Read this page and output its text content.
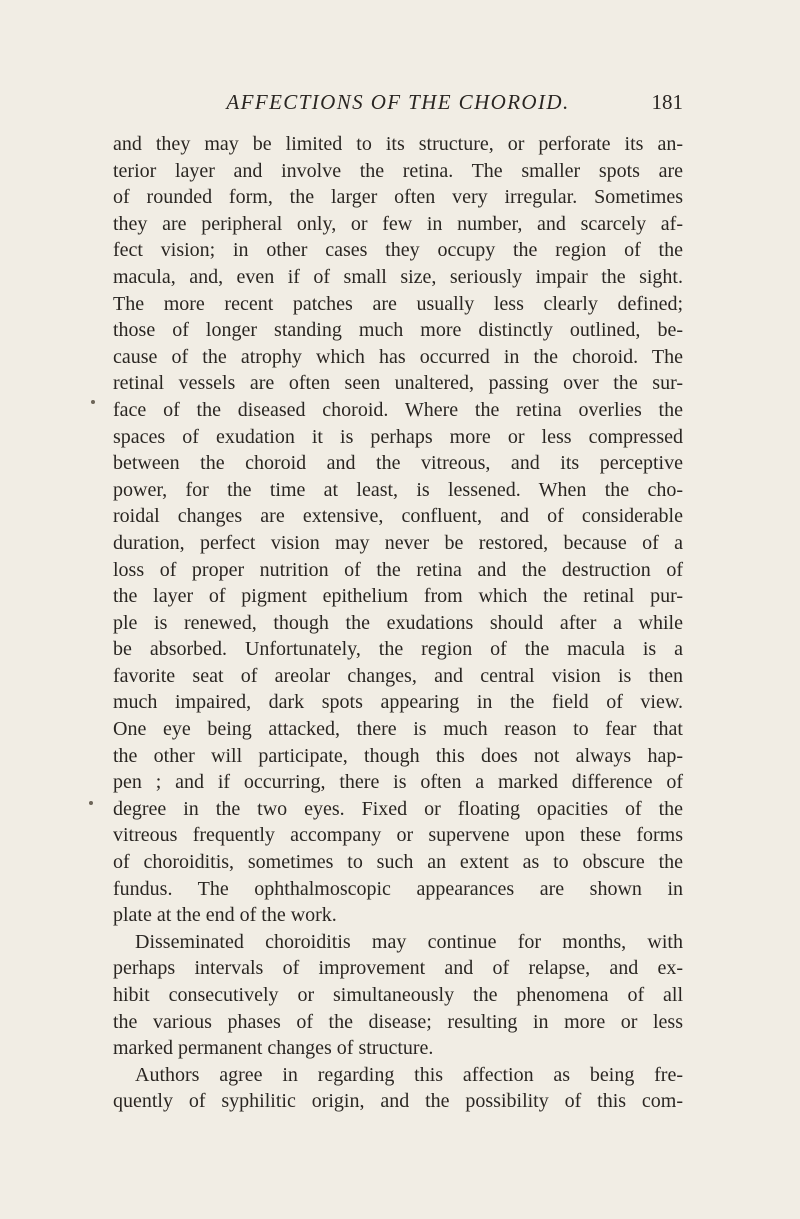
AFFECTIONS OF THE CHOROID.	181
and they may be limited to its structure, or perforate its an-
terior layer and involve the retina. The smaller spots are
of rounded form, the larger often very irregular. Sometimes
they are peripheral only, or few in number, and scarcely af-
fect vision; in other cases they occupy the region of the
macula, and, even if of small size, seriously impair the sight.
The more recent patches are usually less clearly defined;
those of longer standing much more distinctly outlined, be-
cause of the atrophy which has occurred in the choroid. The
retinal vessels are often seen unaltered, passing over the sur-
face of the diseased choroid. Where the retina overlies the
spaces of exudation it is perhaps more or less compressed
between the choroid and the vitreous, and its perceptive
power, for the time at least, is lessened. When the cho-
roidal changes are extensive, confluent, and of considerable
duration, perfect vision may never be restored, because of a
loss of proper nutrition of the retina and the destruction of
the layer of pigment epithelium from which the retinal pur-
ple is renewed, though the exudations should after a while
be absorbed. Unfortunately, the region of the macula is a
favorite seat of areolar changes, and central vision is then
much impaired, dark spots appearing in the field of view.
One eye being attacked, there is much reason to fear that
the other will participate, though this does not always hap-
pen ; and if occurring, there is often a marked difference of
degree in the two eyes. Fixed or floating opacities of the
vitreous frequently accompany or supervene upon these forms
of choroiditis, sometimes to such an extent as to obscure the
fundus. The ophthalmoscopic appearances are shown in
plate at the end of the work.
Disseminated choroiditis may continue for months, with
perhaps intervals of improvement and of relapse, and ex-
hibit consecutively or simultaneously the phenomena of all
the various phases of the disease; resulting in more or less
marked permanent changes of structure.
Authors agree in regarding this affection as being fre-
quently of syphilitic origin, and the possibility of this com-
